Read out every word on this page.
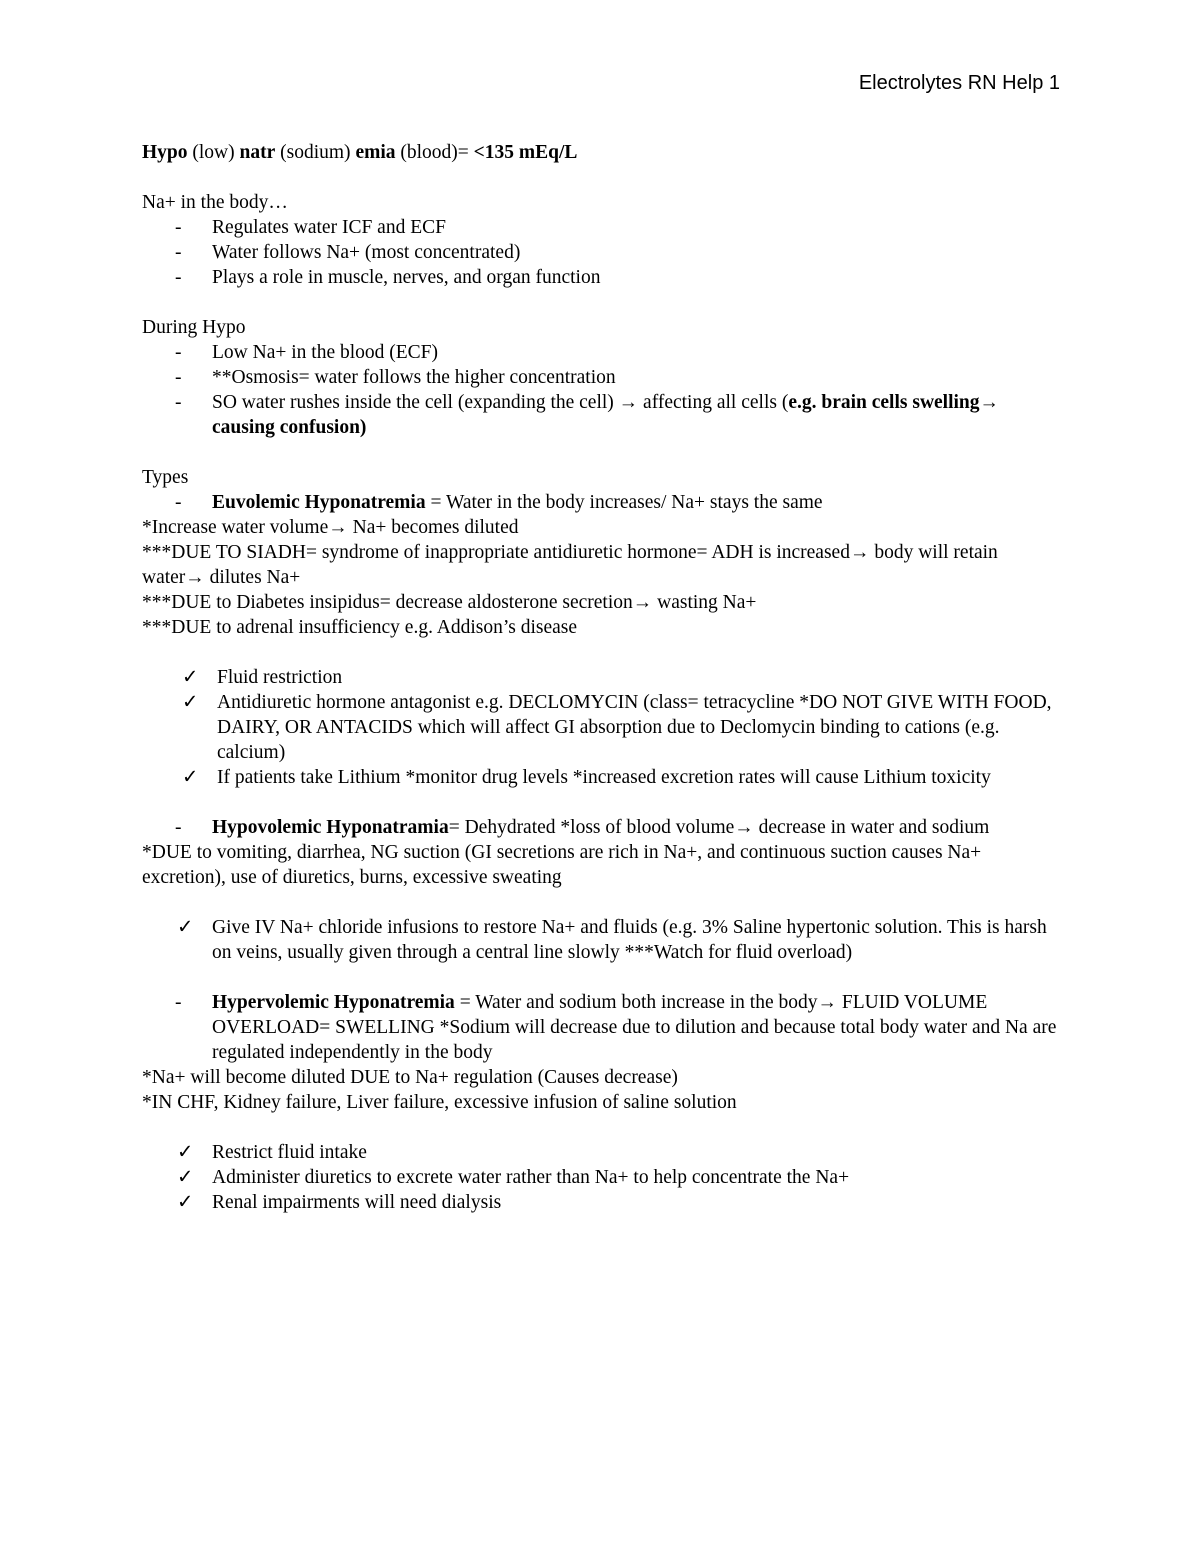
Electrolytes RN Help 1
Hypo (low) natr (sodium) emia (blood)= <135 mEq/L
Na+ in the body…
- Regulates water ICF and ECF
- Water follows Na+ (most concentrated)
- Plays a role in muscle, nerves, and organ function
During Hypo
- Low Na+ in the blood (ECF)
- **Osmosis= water follows the higher concentration
- SO water rushes inside the cell (expanding the cell) → affecting all cells (e.g. brain cells swelling→ causing confusion)
Types
- Euvolemic Hyponatremia = Water in the body increases/ Na+ stays the same
*Increase water volume→ Na+ becomes diluted
***DUE TO SIADH= syndrome of inappropriate antidiuretic hormone= ADH is increased→ body will retain water→ dilutes Na+
***DUE to Diabetes insipidus= decrease aldosterone secretion→ wasting Na+
***DUE to adrenal insufficiency e.g. Addison’s disease
✓ Fluid restriction
✓ Antidiuretic hormone antagonist e.g. DECLOMYCIN (class= tetracycline *DO NOT GIVE WITH FOOD, DAIRY, OR ANTACIDS which will affect GI absorption due to Declomycin binding to cations (e.g. calcium)
✓ If patients take Lithium *monitor drug levels *increased excretion rates will cause Lithium toxicity
- Hypovolemic Hyponatramia= Dehydrated *loss of blood volume→ decrease in water and sodium
*DUE to vomiting, diarrhea, NG suction (GI secretions are rich in Na+, and continuous suction causes Na+ excretion), use of diuretics, burns, excessive sweating
✓ Give IV Na+ chloride infusions to restore Na+ and fluids (e.g. 3% Saline hypertonic solution. This is harsh on veins, usually given through a central line slowly ***Watch for fluid overload)
- Hypervolemic Hyponatremia = Water and sodium both increase in the body→ FLUID VOLUME OVERLOAD= SWELLING *Sodium will decrease due to dilution and because total body water and Na are regulated independently in the body
*Na+ will become diluted DUE to Na+ regulation (Causes decrease)
*IN CHF, Kidney failure, Liver failure, excessive infusion of saline solution
✓ Restrict fluid intake
✓ Administer diuretics to excrete water rather than Na+ to help concentrate the Na+
✓ Renal impairments will need dialysis
